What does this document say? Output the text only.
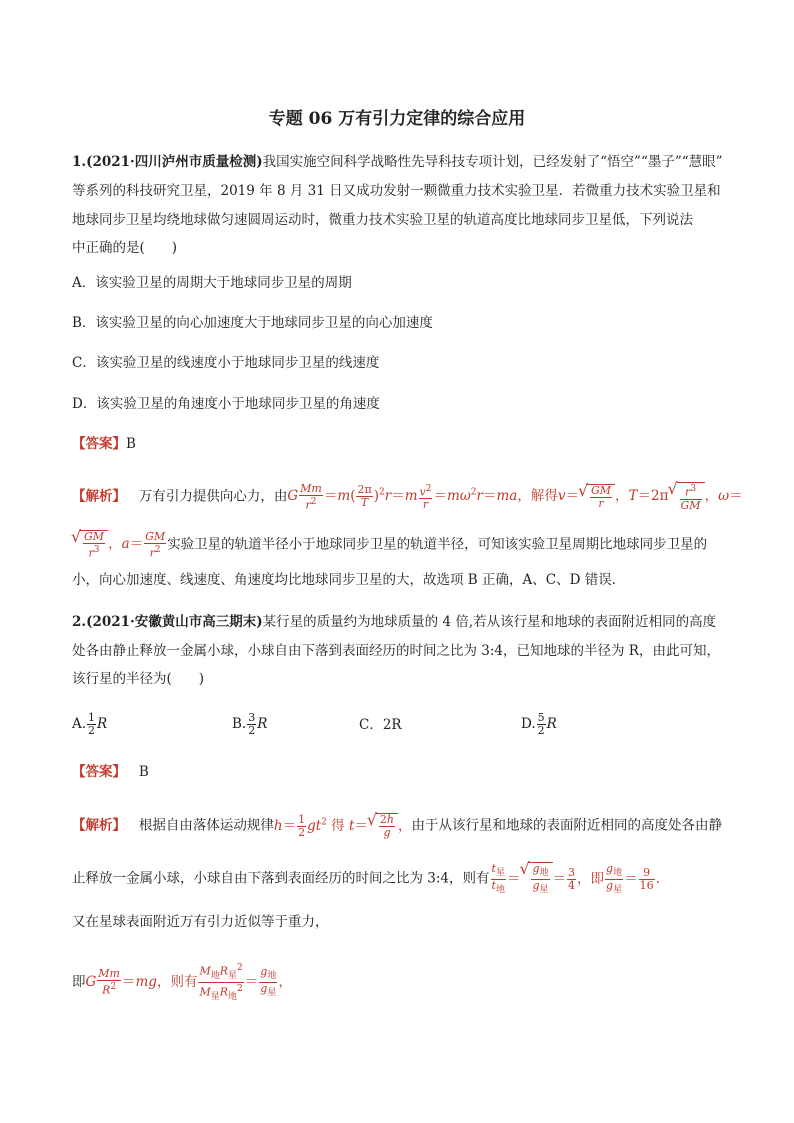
专题 06 万有引力定律的综合应用
1.(2021·四川泸州市质量检测)我国实施空间科学战略性先导科技专项计划，已经发射了“悟空”“墨子”“慧眼”
等系列的科技研究卫星，2019 年 8 月 31 日又成功发射一颗微重力技术实验卫星．若微重力技术实验卫星和
地球同步卫星均绕地球做匀速圆周运动时，微重力技术实验卫星的轨道高度比地球同步卫星低，下列说法
中正确的是(　　)
A．该实验卫星的周期大于地球同步卫星的周期
B．该实验卫星的向心加速度大于地球同步卫星的向心加速度
C．该实验卫星的线速度小于地球同步卫星的线速度
D．该实验卫星的角速度小于地球同步卫星的角速度
【答案】B
【解析】 万有引力提供向心力，由G $\frac{Mm}{r^2} =m( \frac{2\pi}{T} )^2r=m \frac{v^2}{r} =m\omega^2r=ma$，解得v＝ √ $\frac{GM}{r}$ ，T＝2π √ $\frac{r^3}{GM}$ ，ω＝
√ $\frac{GM}{r^3}$ ，$a= \frac{GM}{r^2}$ 实验卫星的轨道半径小于地球同步卫星的轨道半径，可知该实验卫星周期比地球同步卫星的
小，向心加速度、线速度、角速度均比地球同步卫星的大，故选项 B 正确，A、C、D 错误．
2.(2021·安徽黄山市高三期末)某行星的质量约为地球质量的 4 倍,若从该行星和地球的表面附近相同的高度
处各由静止释放一金属小球，小球自由下落到表面经历的时间之比为 3:4，已知地球的半径为 R，由此可知，
该行星的半径为(　　)
A. $\frac{1}{2}$ R	B. $\frac{3}{2}$ R	C．2R	D. $\frac{5}{2}$ R
【答案】 B
【解析】 根据自由落体运动规律$h= \frac{1}{2} gt^2$ 得 t＝ √ $\frac{2h}{g}$ ，由于从该行星和地球的表面附近相同的高度处各由静
止释放一金属小球，小球自由下落到表面经历的时间之比为 3:4，则有 $\frac{t_星}{t_地}$ ＝ √ $\frac{g_地}{g_星} = \frac{3}{4}$ ，即 $\frac{g_地}{g_星} = \frac{9}{16}$ .
又在星球表面附近万有引力近似等于重力，
即G $\frac{Mm}{R^2} =mg$，则有 $\frac{M_地R_星^2}{M_星R_地^2} = \frac{g_地}{g_星}$ ，
